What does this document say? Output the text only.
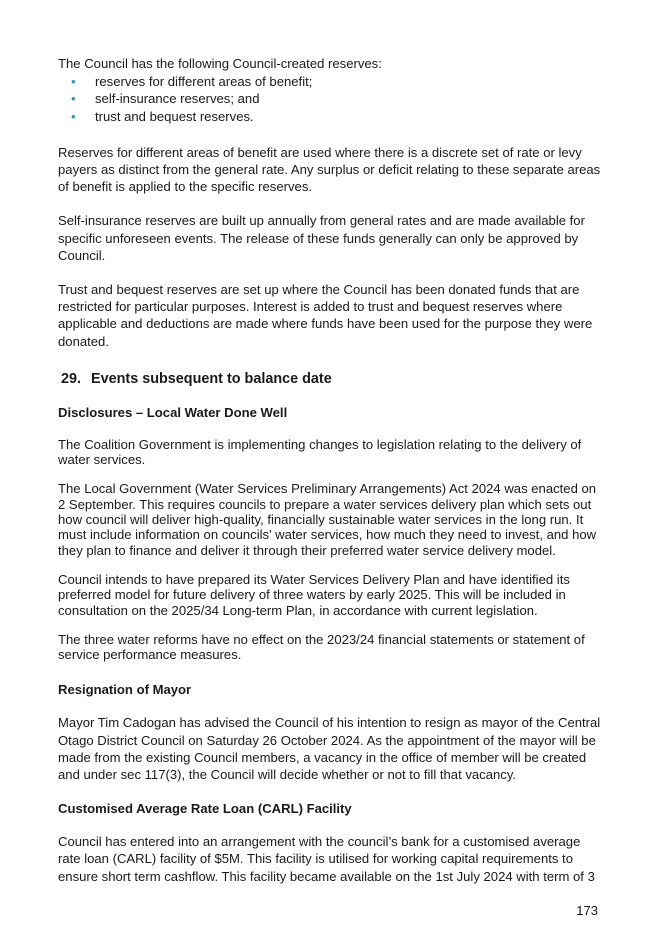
The Council has the following Council-created reserves:

• reserves for different areas of benefit;
• self-insurance reserves; and
• trust and bequest reserves.

Reserves for different areas of benefit are used where there is a discrete set of rate or levy payers as distinct from the general rate. Any surplus or deficit relating to these separate areas of benefit is applied to the specific reserves.

Self-insurance reserves are built up annually from general rates and are made available for specific unforeseen events. The release of these funds generally can only be approved by Council.

Trust and bequest reserves are set up where the Council has been donated funds that are restricted for particular purposes. Interest is added to trust and bequest reserves where applicable and deductions are made where funds have been used for the purpose they were donated.

29. Events subsequent to balance date
Disclosures – Local Water Done Well

The Coalition Government is implementing changes to legislation relating to the delivery of water services.

The Local Government (Water Services Preliminary Arrangements) Act 2024 was enacted on 2 September. This requires councils to prepare a water services delivery plan which sets out how council will deliver high-quality, financially sustainable water services in the long run. It must include information on councils’ water services, how much they need to invest, and how they plan to finance and deliver it through their preferred water service delivery model.

Council intends to have prepared its Water Services Delivery Plan and have identified its preferred model for future delivery of three waters by early 2025. This will be included in consultation on the 2025/34 Long-term Plan, in accordance with current legislation.

The three water reforms have no effect on the 2023/24 financial statements or statement of service performance measures.

Resignation of Mayor

Mayor Tim Cadogan has advised the Council of his intention to resign as mayor of the Central Otago District Council on Saturday 26 October 2024. As the appointment of the mayor will be made from the existing Council members, a vacancy in the office of member will be created and under sec 117(3), the Council will decide whether or not to fill that vacancy.

Customised Average Rate Loan (CARL) Facility

Council has entered into an arrangement with the council’s bank for a customised average rate loan (CARL) facility of $5M. This facility is utilised for working capital requirements to ensure short term cashflow. This facility became available on the 1st July 2024 with term of 3

173
